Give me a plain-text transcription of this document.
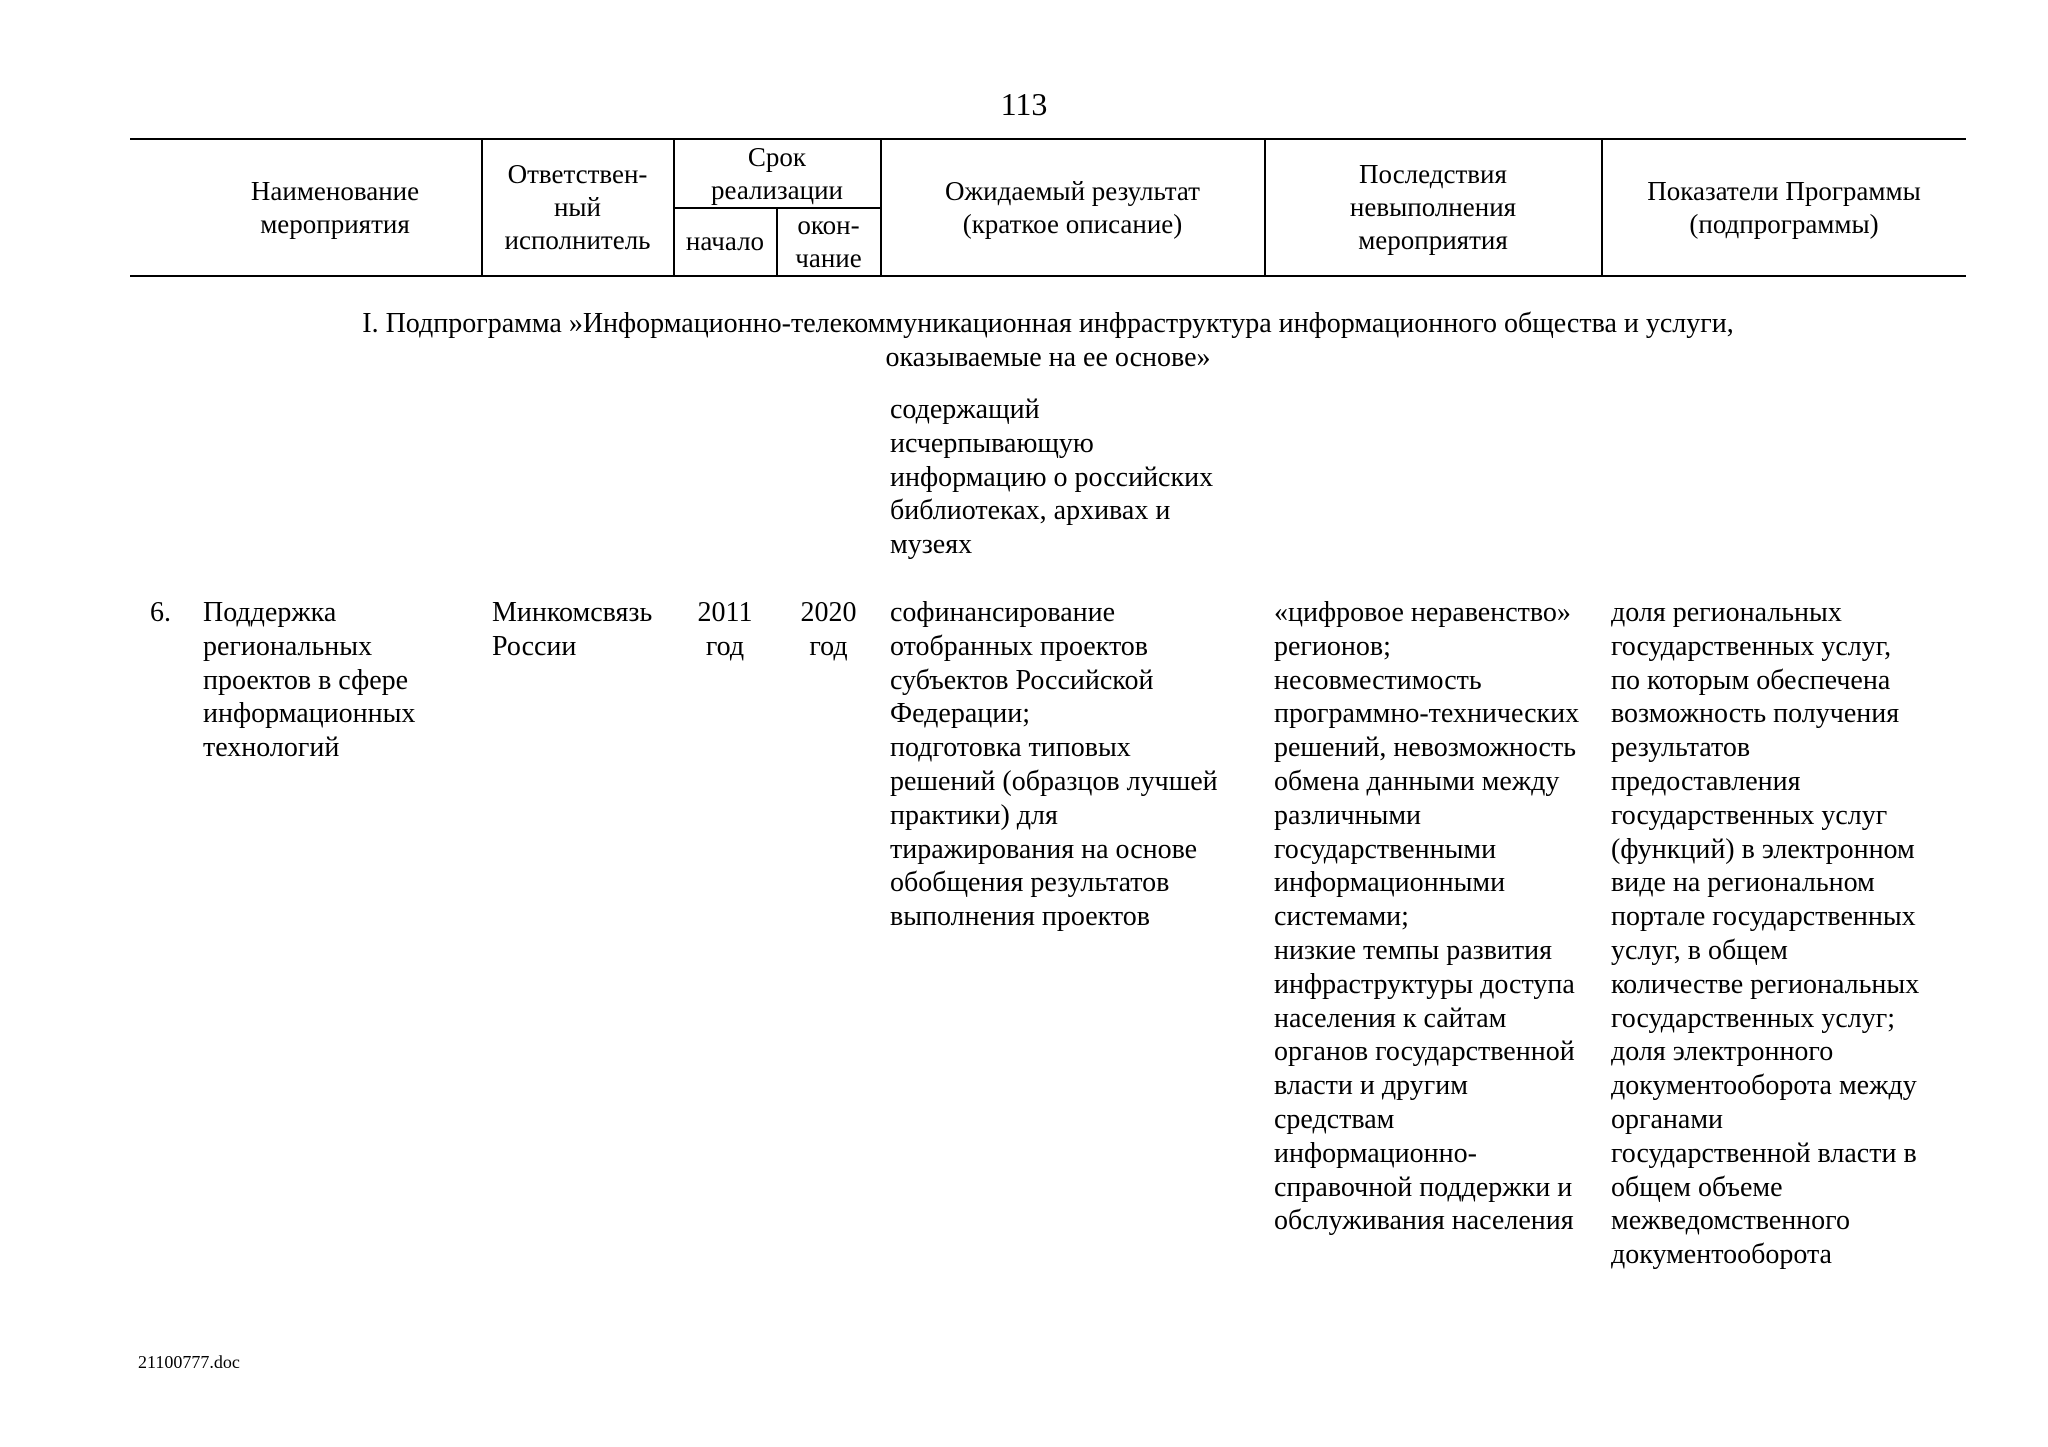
113
Наименование
мероприятия
Ответствен-
ный
исполнитель
Срок
реализации
начало
окон-
чание
Ожидаемый результат
(краткое описание)
Последствия
невыполнения
мероприятия
Показатели Программы
(подпрограммы)
I. Подпрограмма »Информационно-телекоммуникационная инфраструктура информационного общества и услуги,
оказываемые на ее основе»
содержащий
исчерпывающую
информацию о российских
библиотеках, архивах и
музеях
6. Поддержка
региональных
проектов в сфере
информационных
технологий
Минкомсвязь
России
2011
год
2020
год
софинансирование
отобранных проектов
субъектов Российской
Федерации;
подготовка типовых
решений (образцов лучшей
практики) для
тиражирования на основе
обобщения результатов
выполнения проектов
«цифровое неравенство»
регионов;
несовместимость
программно-технических
решений, невозможность
обмена данными между
различными
государственными
информационными
системами;
низкие темпы развития
инфраструктуры доступа
населения к сайтам
органов государственной
власти и другим
средствам
информационно-
справочной поддержки и
обслуживания населения
доля региональных
государственных услуг,
по которым обеспечена
возможность получения
результатов
предоставления
государственных услуг
(функций) в электронном
виде на региональном
портале государственных
услуг, в общем
количестве региональных
государственных услуг;
доля электронного
документооборота между
органами
государственной власти в
общем объеме
межведомственного
документооборота
21100777.doc
